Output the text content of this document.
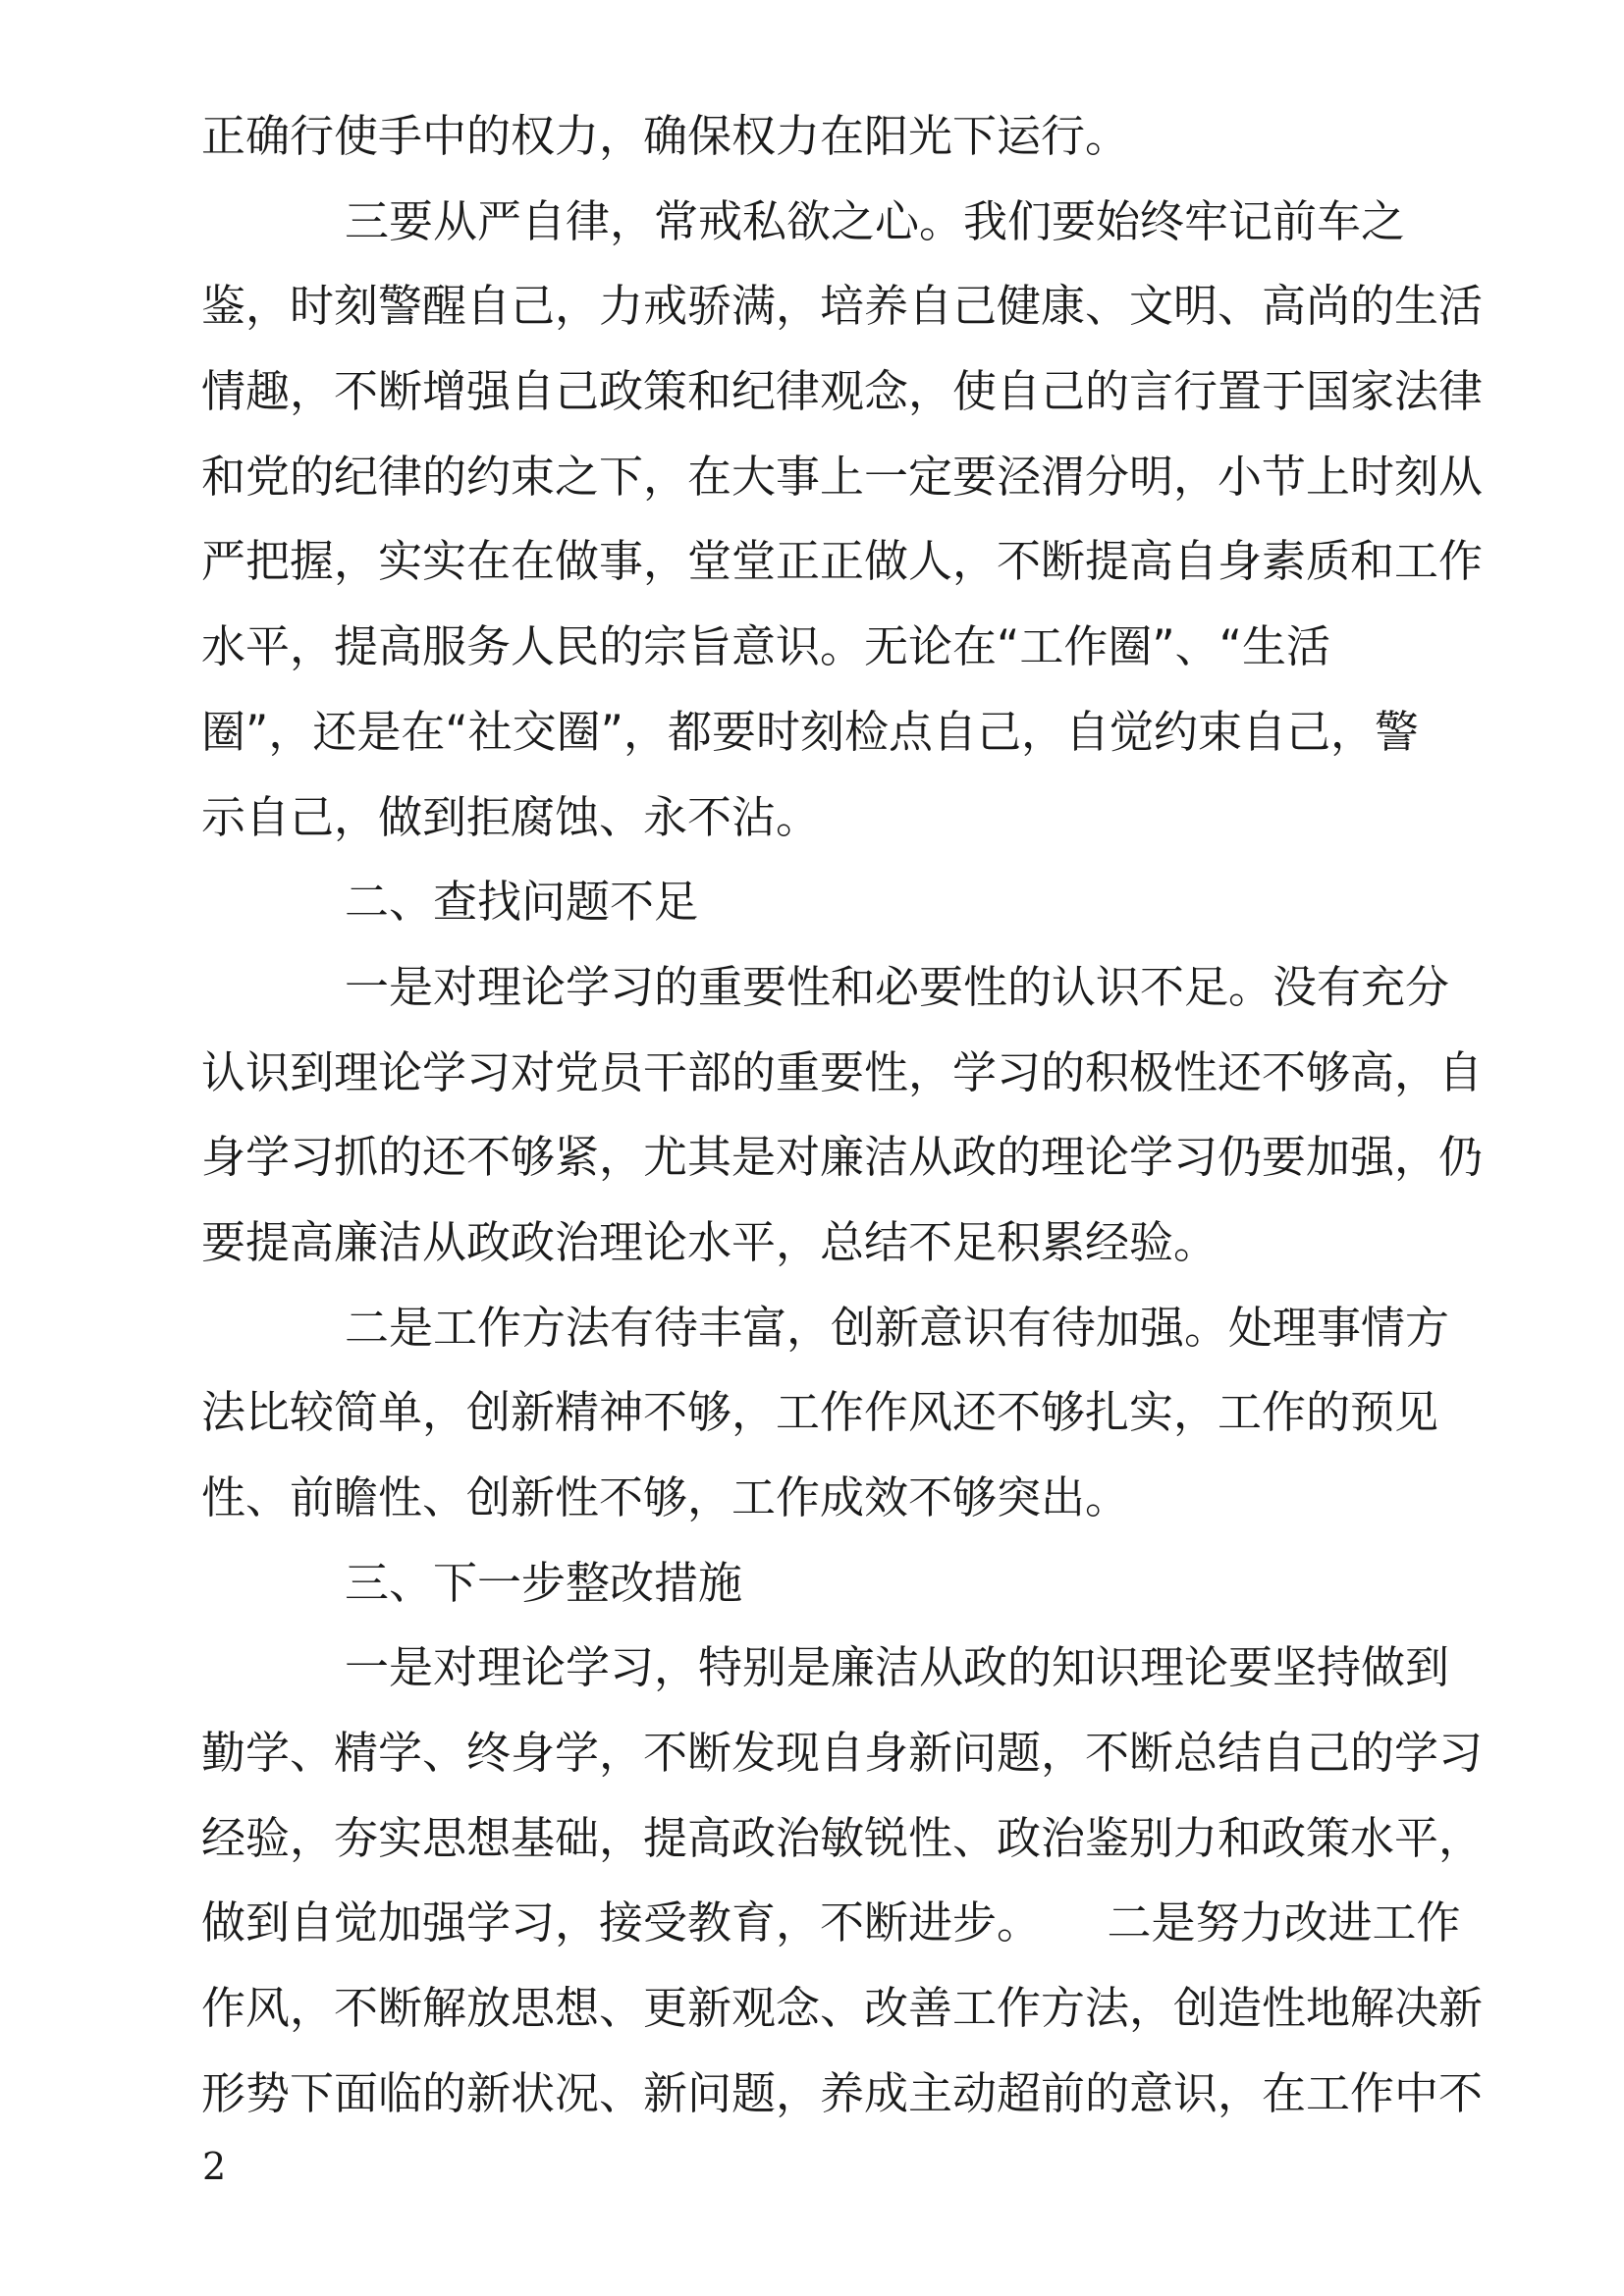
正确行使手中的权力，确保权力在阳光下运行。
三要从严自律，常戒私欲之心。我们要始终牢记前车之
鉴，时刻警醒自己，力戒骄满，培养自己健康、文明、高尚的生活
情趣，不断增强自己政策和纪律观念，使自己的言行置于国家法律
和党的纪律的约束之下，在大事上一定要泾渭分明，小节上时刻从
严把握，实实在在做事，堂堂正正做人，不断提高自身素质和工作
水平，提高服务人民的宗旨意识。无论在“工作圈”、“生活
圈”，还是在“社交圈”，都要时刻检点自己，自觉约束自己，警
示自己，做到拒腐蚀、永不沾。
二、查找问题不足
一是对理论学习的重要性和必要性的认识不足。没有充分
认识到理论学习对党员干部的重要性，学习的积极性还不够高，自
身学习抓的还不够紧，尤其是对廉洁从政的理论学习仍要加强，仍
要提高廉洁从政政治理论水平，总结不足积累经验。
二是工作方法有待丰富，创新意识有待加强。处理事情方
法比较简单，创新精神不够，工作作风还不够扎实，工作的预见
性、前瞻性、创新性不够，工作成效不够突出。
三、下一步整改措施
一是对理论学习，特别是廉洁从政的知识理论要坚持做到
勤学、精学、终身学，不断发现自身新问题，不断总结自己的学习
经验，夯实思想基础，提高政治敏锐性、政治鉴别力和政策水平，
做到自觉加强学习，接受教育，不断进步。　　二是努力改进工作
作风，不断解放思想、更新观念、改善工作方法，创造性地解决新
形势下面临的新状况、新问题，养成主动超前的意识，在工作中不
2
